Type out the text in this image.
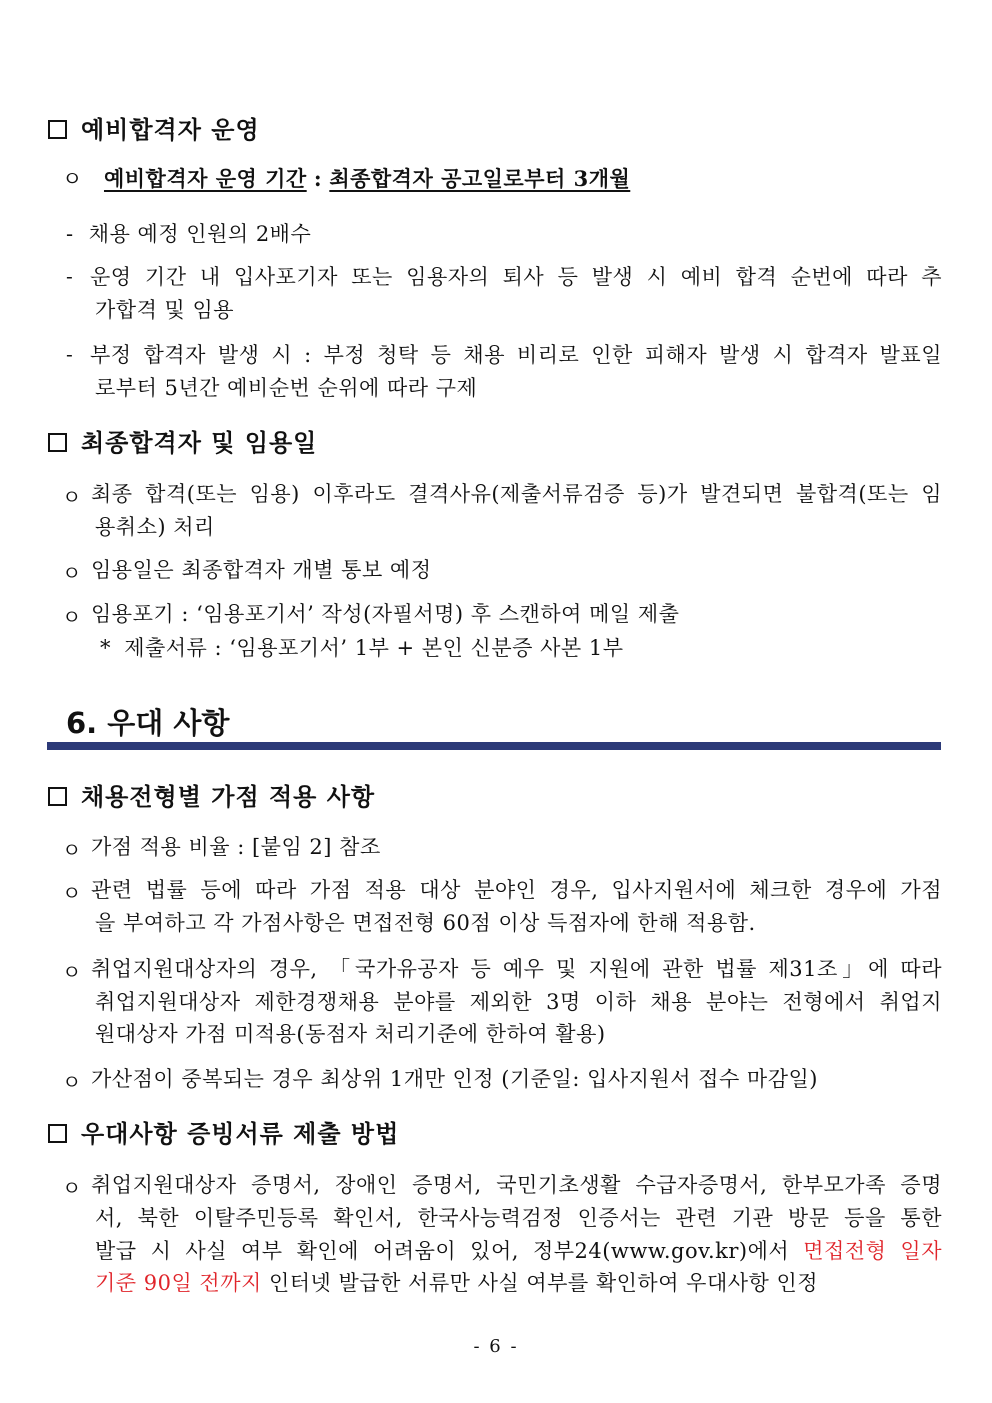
예비합격자 운영
ㅇ 예비합격자 운영 기간 : 최종합격자 공고일로부터 3개월
- 채용 예정 인원의 2배수
- 운영 기간 내 입사포기자 또는 임용자의 퇴사 등 발생 시 예비 합격 순번에 따라 추
가합격 및 임용
- 부정 합격자 발생 시 : 부정 청탁 등 채용 비리로 인한 피해자 발생 시 합격자 발표일
로부터 5년간 예비순번 순위에 따라 구제
최종합격자 및 임용일
ㅇ 최종 합격(또는 임용) 이후라도 결격사유(제출서류검증 등)가 발견되면 불합격(또는 임
용취소) 처리
ㅇ 임용일은 최종합격자 개별 통보 예정
ㅇ 임용포기 : ‘임용포기서’ 작성(자필서명) 후 스캔하여 메일 제출
* 제출서류 : ‘임용포기서’ 1부 + 본인 신분증 사본 1부
6. 우대 사항
채용전형별 가점 적용 사항
ㅇ 가점 적용 비율 : [붙임 2] 참조
ㅇ 관련 법률 등에 따라 가점 적용 대상 분야인 경우, 입사지원서에 체크한 경우에 가점
을 부여하고 각 가점사항은 면접전형 60점 이상 득점자에 한해 적용함.
ㅇ 취업지원대상자의 경우, 「국가유공자 등 예우 및 지원에 관한 법률 제31조」에 따라
취업지원대상자 제한경쟁채용 분야를 제외한 3명 이하 채용 분야는 전형에서 취업지
원대상자 가점 미적용(동점자 처리기준에 한하여 활용)
ㅇ 가산점이 중복되는 경우 최상위 1개만 인정 (기준일: 입사지원서 접수 마감일)
우대사항 증빙서류 제출 방법
ㅇ 취업지원대상자 증명서, 장애인 증명서, 국민기초생활 수급자증명서, 한부모가족 증명
서, 북한 이탈주민등록 확인서, 한국사능력검정 인증서는 관련 기관 방문 등을 통한
발급 시 사실 여부 확인에 어려움이 있어, 정부24(www.gov.kr)에서 면접전형 일자
기준 90일 전까지 인터넷 발급한 서류만 사실 여부를 확인하여 우대사항 인정
- 6 -
